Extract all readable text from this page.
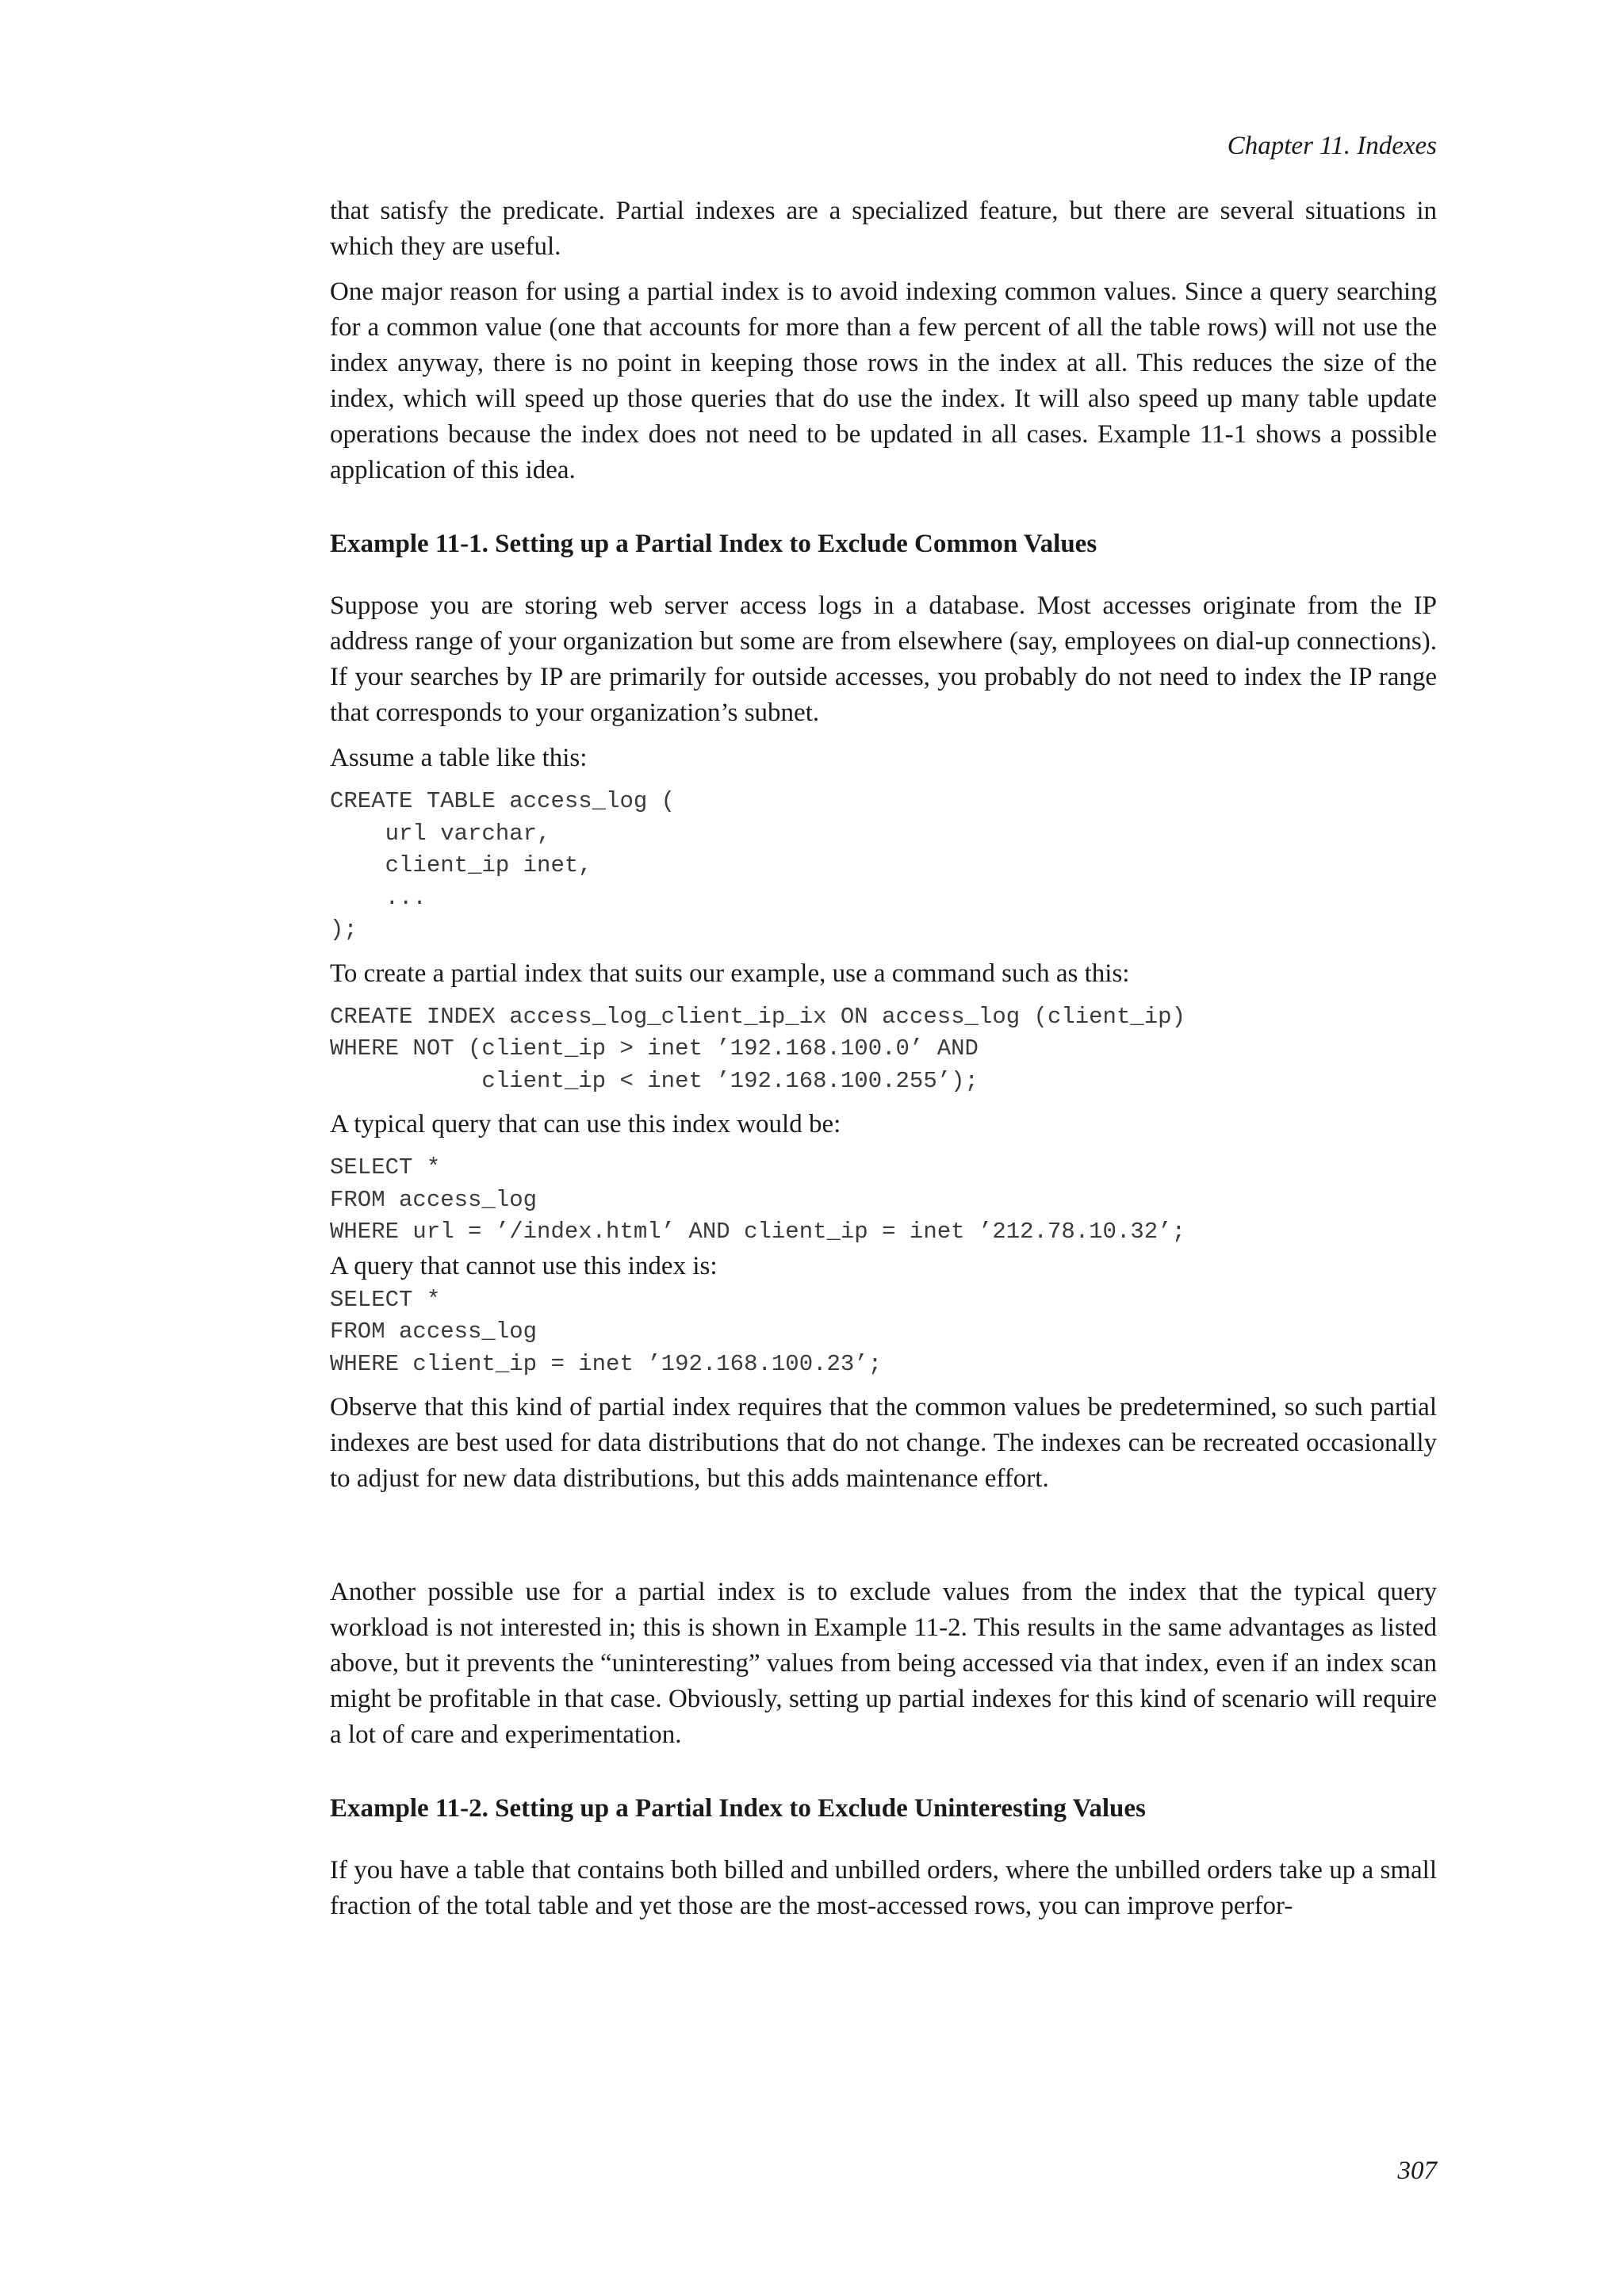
Chapter 11. Indexes

that satisfy the predicate. Partial indexes are a specialized feature, but there are several situations in which they are useful.

One major reason for using a partial index is to avoid indexing common values. Since a query searching for a common value (one that accounts for more than a few percent of all the table rows) will not use the index anyway, there is no point in keeping those rows in the index at all. This reduces the size of the index, which will speed up those queries that do use the index. It will also speed up many table update operations because the index does not need to be updated in all cases. Example 11-1 shows a possible application of this idea.

Example 11-1. Setting up a Partial Index to Exclude Common Values

Suppose you are storing web server access logs in a database. Most accesses originate from the IP address range of your organization but some are from elsewhere (say, employees on dial-up connections). If your searches by IP are primarily for outside accesses, you probably do not need to index the IP range that corresponds to your organization’s subnet.

Assume a table like this:

CREATE TABLE access_log (
url varchar,
client_ip inet,
...
);

To create a partial index that suits our example, use a command such as this:

CREATE INDEX access_log_client_ip_ix ON access_log (client_ip)
WHERE NOT (client_ip > inet ’192.168.100.0’ AND
client_ip < inet ’192.168.100.255’);

A typical query that can use this index would be:

SELECT *
FROM access_log
WHERE url = ’/index.html’ AND client_ip = inet ’212.78.10.32’;

A query that cannot use this index is:

SELECT *
FROM access_log
WHERE client_ip = inet ’192.168.100.23’;

Observe that this kind of partial index requires that the common values be predetermined, so such partial indexes are best used for data distributions that do not change. The indexes can be recreated occasionally to adjust for new data distributions, but this adds maintenance effort.

Another possible use for a partial index is to exclude values from the index that the typical query workload is not interested in; this is shown in Example 11-2. This results in the same advantages as listed above, but it prevents the “uninteresting” values from being accessed via that index, even if an index scan might be profitable in that case. Obviously, setting up partial indexes for this kind of scenario will require a lot of care and experimentation.

Example 11-2. Setting up a Partial Index to Exclude Uninteresting Values

If you have a table that contains both billed and unbilled orders, where the unbilled orders take up a small fraction of the total table and yet those are the most-accessed rows, you can improve perfor-

307
